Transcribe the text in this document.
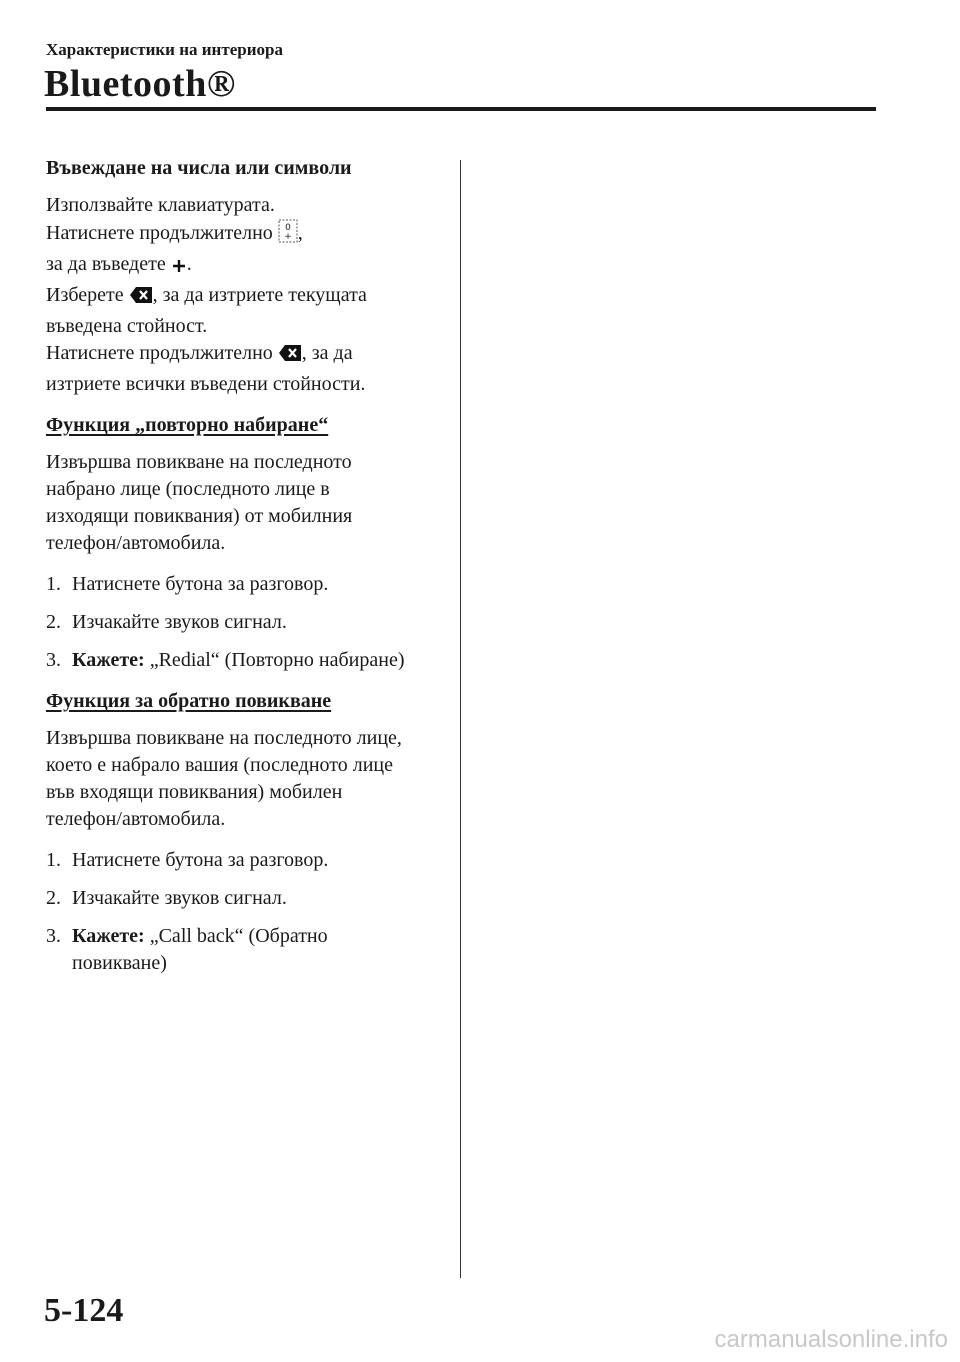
Характеристики на интериора
Bluetooth®
Въвеждане на числа или символи
Използвайте клавиатурата.
Натиснете продължително 0
+ ,
за да въведете .
Изберете , за да изтриете текущата
въведена стойност.
Натиснете продължително , за да
изтриете всички въведени стойности.
Функция „повторно набиране“
Извършва повикване на последното
набрано лице (последното лице в
изходящи повиквания) от мобилния
телефон/автомобила.
1. Натиснете бутона за разговор.
2. Изчакайте звуков сигнал.
3. Кажете: „Redial“ (Повторно набиране)
Функция за обратно повикване
Извършва повикване на последното лице,
което е набрало вашия (последното лице
във входящи повиквания) мобилен
телефон/автомобила.
1. Натиснете бутона за разговор.
2. Изчакайте звуков сигнал.
3. Кажете: „Call back“ (Обратно
повикване)
5-124
carmanualsonline.info
